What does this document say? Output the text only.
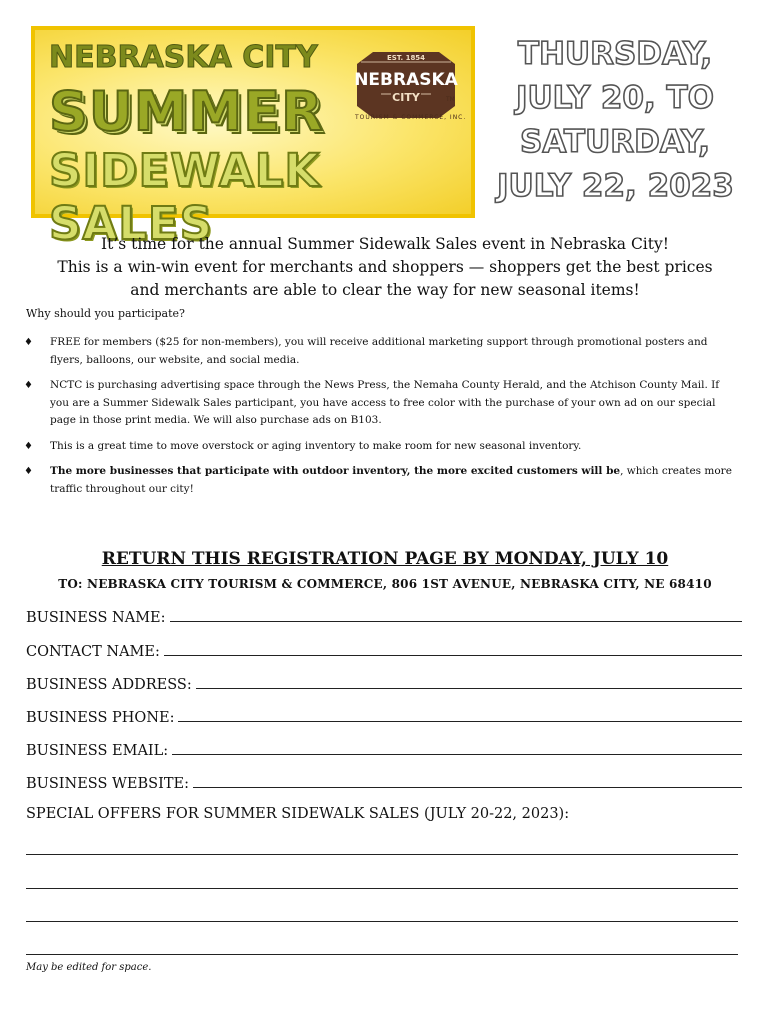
NEBRASKA CITY
SUMMER
SIDEWALK SALES
EST. 1854
NEBRASKA
CITY	TM
TOURISM & COMMERCE, INC.
THURSDAY,
JULY 20, TO
SATURDAY,
JULY 22, 2023
It’s time for the annual Summer Sidewalk Sales event in Nebraska City!
This is a win-win event for merchants and shoppers — shoppers get the best prices
and merchants are able to clear the way for new seasonal items!
Why should you participate?
♦ FREE for members ($25 for non-members), you will receive additional marketing support through promotional posters and flyers, balloons, our website, and social media.
♦ NCTC is purchasing advertising space through the News Press, the Nemaha County Herald, and the Atchison County Mail. If you are a Summer Sidewalk Sales participant, you have access to free color with the purchase of your own ad on our special page in those print media. We will also purchase ads on B103.
♦ This is a great time to move overstock or aging inventory to make room for new seasonal inventory.
♦ The more businesses that participate with outdoor inventory, the more excited customers will be, which creates more traffic throughout our city!
RETURN THIS REGISTRATION PAGE BY MONDAY, JULY 10
TO: NEBRASKA CITY TOURISM & COMMERCE, 806 1ST AVENUE, NEBRASKA CITY, NE 68410
BUSINESS NAME:
CONTACT NAME:
BUSINESS ADDRESS:
BUSINESS PHONE:
BUSINESS EMAIL:
BUSINESS WEBSITE:
SPECIAL OFFERS FOR SUMMER SIDEWALK SALES (JULY 20-22, 2023):
May be edited for space.
